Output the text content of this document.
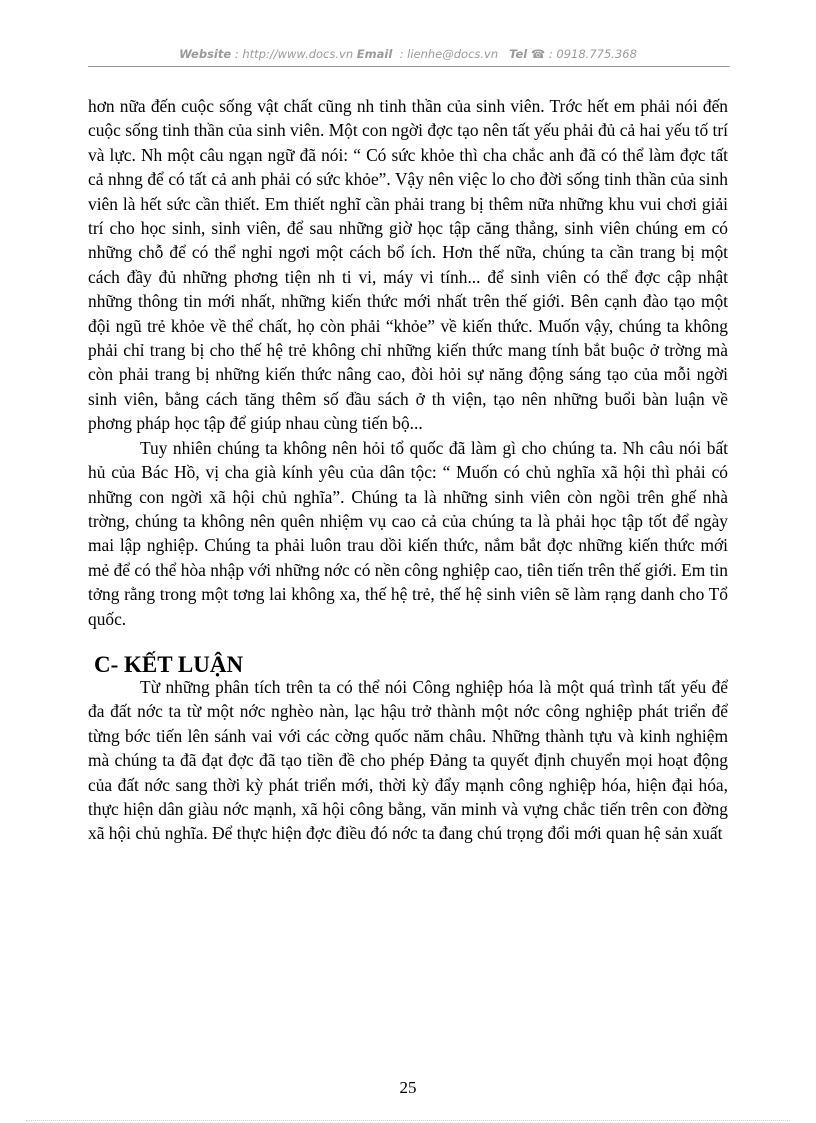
Website : http://www.docs.vn Email  : lienhe@docs.vn Tel ☎ : 0918.775.368

hơn nữa đến cuộc sống vật chất cũng nh tinh thần của sinh viên. Trớc hết em phải nói đến cuộc sống tinh thần của sinh viên. Một con ngời đợc tạo nên tất yếu phải đủ cả hai yếu tố trí và lực. Nh một câu ngạn ngữ đã nói: “ Có sức khỏe thì cha chắc anh đã có thể làm đợc tất cả nhng để có tất cả anh phải có sức khỏe”. Vậy nên việc lo cho đời sống tinh thần của sinh viên là hết sức cần thiết. Em thiết nghĩ cần phải trang bị thêm nữa những khu vui chơi giải trí cho học sinh, sinh viên, để sau những giờ học tập căng thẳng, sinh viên chúng em có những chỗ để có thể nghỉ ngơi một cách bổ ích. Hơn thế nữa, chúng ta cần trang bị một cách đầy đủ những phơng tiện nh ti vi, máy vi tính... để sinh viên có thể đợc cập nhật những thông tin mới nhất, những kiến thức mới nhất trên thế giới. Bên cạnh đào tạo một đội ngũ trẻ khỏe về thể chất, họ còn phải “khỏe” về kiến thức. Muốn vậy, chúng ta không phải chỉ trang bị cho thế hệ trẻ không chỉ những kiến thức mang tính bắt buộc ở trờng mà còn phải trang bị những kiến thức nâng cao, đòi hỏi sự năng động sáng tạo của mỗi ngời sinh viên, bằng cách tăng thêm số đầu sách ở th viện, tạo nên những buổi bàn luận về phơng pháp học tập để giúp nhau cùng tiến bộ...

Tuy nhiên chúng ta không nên hỏi tổ quốc đã làm gì cho chúng ta. Nh câu nói bất hủ của Bác Hồ, vị cha già kính yêu của dân tộc: “ Muốn có chủ nghĩa xã hội thì phải có những con ngời xã hội chủ nghĩa”. Chúng ta là những sinh viên còn ngồi trên ghế nhà trờng, chúng ta không nên quên nhiệm vụ cao cả của chúng ta là phải học tập tốt để ngày mai lập nghiệp. Chúng ta phải luôn trau dồi kiến thức, nắm bắt đợc những kiến thức mới mẻ để có thể hòa nhập với những nớc có nền công nghiệp cao, tiên tiến trên thế giới. Em tin tởng rằng trong một tơng lai không xa, thế hệ trẻ, thế hệ sinh viên sẽ làm rạng danh cho Tổ quốc.

C- KẾT LUẬN

Từ những phân tích trên ta có thể nói Công nghiệp hóa là một quá trình tất yếu để đa đất nớc ta từ một nớc nghèo nàn, lạc hậu trở thành một nớc công nghiệp phát triển để từng bớc tiến lên sánh vai với các cờng quốc năm châu. Những thành tựu và kinh nghiệm mà chúng ta đã đạt đợc đã tạo tiền đề cho phép Đảng ta quyết định chuyển mọi hoạt động của đất nớc sang thời kỳ phát triển mới, thời kỳ đẩy mạnh công nghiệp hóa, hiện đại hóa, thực hiện dân giàu nớc mạnh, xã hội công bằng, văn minh và vựng chắc tiến trên con đờng xã hội chủ nghĩa. Để thực hiện đợc điều đó nớc ta đang chú trọng đổi mới quan hệ sản xuất

25
